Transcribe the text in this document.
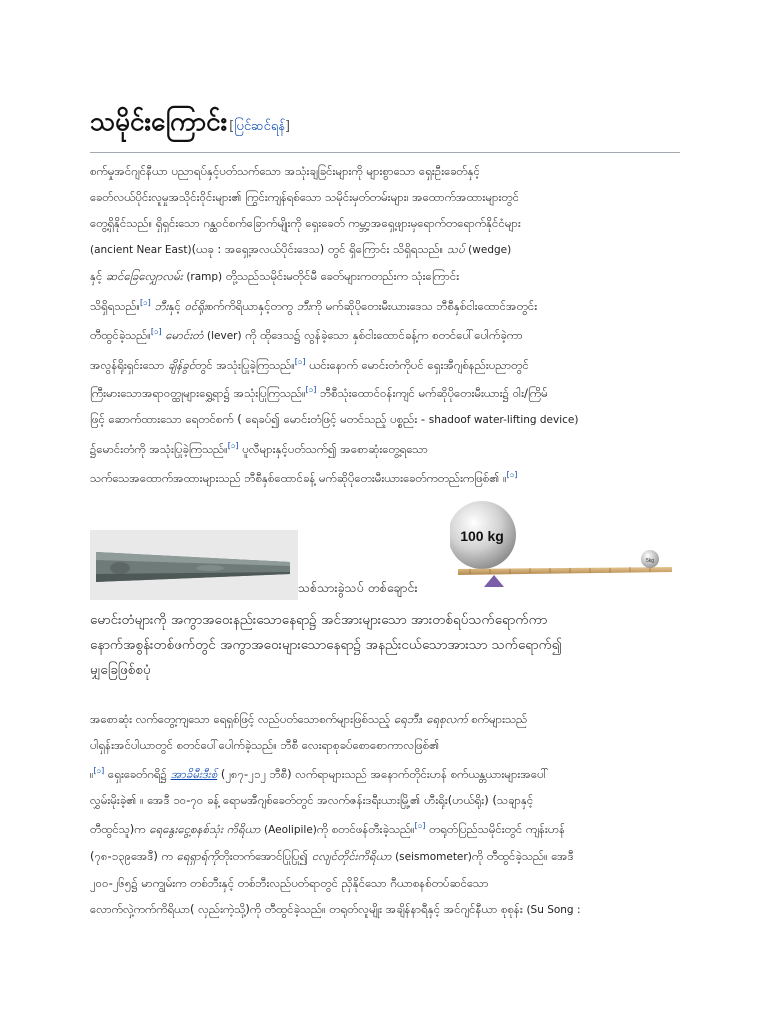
သမိုင်းကြောင်း [ပြင်ဆင်ရန်]
စက်မှုအင်ဂျင်နီယာ ပညာရပ်နှင့်ပတ်သက်သော အသုံးချခြင်းများကို များစွာသော ရှေးဦးခေတ်နှင့်
ခေတ်လယ်ပိုင်းလူမှုအသိုင်းဝိုင်းများ၏ ကြွင်းကျန်ရစ်သော သမိုင်းမှတ်တမ်းများ၊ အထောက်အထားများတွင်
တွေ့ရှိနိုင်သည်။ ရှိရှင်းသော ဂန္ထဝင်စက်ခြောက်မျိုးကို ရှေးခေတ် ကမ္ဘာ့အရှေ့ဖျားမှရောက်တရောက်နိုင်ငံများ
(ancient Near East)(ယခု : အရှေ့အလယ်ပိုင်းဒေသ) တွင် ရှိကြောင်း သိရှိရသည်။ သပ် (wedge)
နှင့် ဆင်ခြေလျှောလမ်း (ramp) တို့သည်သမိုင်းမတိုင်မီ ခေတ်များကတည်းက သုံးကြောင်း
သိရှိရသည်။[၁] ဘီးနှင့် ဝင်ရိုးစက်ကိရိယာနှင့်တကွ ဘီးကို မက်ဆိုပိုတေးမီးယားဒေသ ဘီစီနှစ်ငါးထောင်အတွင်း
တီထွင်ခဲ့သည်။[၁] မောင်းတံ (lever) ကို ထိုဒေသ၌ လွန်ခဲ့သော နှစ်ငါးထောင်ခန့်က စတင်ပေါ်ပေါက်ခဲ့ကာ
အလွန်ရိုးရှင်းသော ချိန်ခွင်တွင် အသုံးပြုခဲ့ကြသည်။[၁] ယင်းနောက် မောင်းတံကိုပင် ရှေးအီဂျစ်နည်းပညာတွင်
ကြီးမားသောအရာဝတ္ထုများရွှေ့ရာ၌ အသုံးပြုကြသည်။[၁] ဘီစီသုံးထောင်ဝန်းကျင် မက်ဆိုပိုတေးမီးယား၌ ဝါး/ကြိမ်
ဖြင့် ဆောက်ထားသော ရေတင်စက် ( ရေခပ်၍ မောင်းတံဖြင့် မတင်သည့် ပစ္စည်း - shadoof water-lifting device)
၌မောင်းတံကို အသုံးပြုခဲ့ကြသည်။[၁] ပူလီများနှင့်ပတ်သက်၍ အစောဆုံးတွေ့ရသော
သက်သေအထောက်အထားများသည် ဘီစီနှစ်ထောင်ခန့် မက်ဆိုပိုတေးမီးယားခေတ်ကတည်းကဖြစ်၏ ။[၁]
100 kg
5kg
သစ်သားခွဲသပ် တစ်ချောင်း
မောင်းတံများကို အကွာအဝေးနည်းသောနေရာ၌ အင်အားများသော အားတစ်ရပ်သက်ရောက်ကာ
နောက်အစွန်းတစ်ဖက်တွင် အကွာအဝေးများသောနေရာ၌ အနည်းငယ်သောအားသာ သက်ရောက်၍
မျှခြေဖြစ်စပုံ
အစောဆုံး လက်တွေ့ကျသော ရေရှစ်ဖြင့် လည်ပတ်သောစက်များဖြစ်သည့် ရေဘီး၊ ရေစုလက် စက်များသည်
ပါရှန်းအင်ပါယာတွင် စတင်ပေါ်ပေါက်ခဲ့သည်။ ဘီစီ လေးရာစုခပ်စောစောကာလဖြစ်၏
။[၁] ရှေးခေတ်ဂရိ၌ အာခိမီးဒီးစ် (၂၈၇-၂၁၂ ဘီစီ) လက်ရာများသည် အနောက်တိုင်းဟန် စက်ယန္တယားများအပေါ်
လွှမ်းမိုးခဲ့၏ ။ အေဒီ ၁၀-၇၀ ခန့် ရောမအီဂျစ်ခေတ်တွင် အလက်ဇန်းဒရီးယားမြို့၏ ဟီးရိုး(ဟယ်ရိုး) (သချာနှင့်
တီထွင်သူ)က ရေနွေးငွေ့စနစ်သုံး ကိရိယာ (Aeolipile)ကို စတင်ဖန်တီးခဲ့သည်။[၁] တရုတ်ပြည်သမိုင်းတွင် ကျန်းဟန်
(၇၈-၁၃၉အေဒီ) က ရေရှာရ်ကိုတိုးတက်အောင်ပြုပြု၍ ငလျင်တိုင်းကိရိယာ (seismometer)ကို တီထွင်ခဲ့သည်။ အေဒီ
၂၀၀-၂၆၅၌ မာကျွမ်းက တစ်ဘီးနှင့် တစ်ဘီးလည်ပတ်ရာတွင် ညှိနိုင်သော ဂီယာစနစ်တပ်ဆင်သော
လောက်လှဲ့ကက်ကိရိယာ( လှည်းကဲ့သို့)ကို တီထွင်ခဲ့သည်။ တရုတ်လူမျိုး အချိန်နာရီနှင့် အင်ဂျင်နီယာ စုစုန်း (Su Song :
